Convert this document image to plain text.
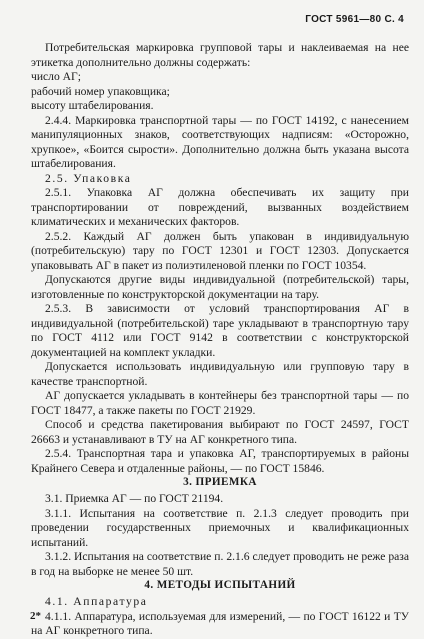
ГОСТ 5961—80 С. 4

Потребительская маркировка групповой тары и наклеиваемая на нее этикетка дополнительно должны содержать:

число АГ;

рабочий номер упаковщика;

высоту штабелирования.

2.4.4. Маркировка транспортной тары — по ГОСТ 14192, с нанесением манипуляционных знаков, соответствующих надписям: «Осторожно, хрупкое», «Боится сырости». Дополнительно должна быть указана высота штабелирования.

2.5. Упаковка

2.5.1. Упаковка АГ должна обеспечивать их защиту при транспортировании от повреждений, вызванных воздействием климатических и механических факторов.

2.5.2. Каждый АГ должен быть упакован в индивидуальную (потребительскую) тару по ГОСТ 12301 и ГОСТ 12303. Допускается упаковывать АГ в пакет из полиэтиленовой пленки по ГОСТ 10354.

Допускаются другие виды индивидуальной (потребительской) тары, изготовленные по конструкторской документации на тару.

2.5.3. В зависимости от условий транспортирования АГ в индивидуальной (потребительской) таре укладывают в транспортную тару по ГОСТ 4112 или ГОСТ 9142 в соответствии с конструкторской документацией на комплект укладки.

Допускается использовать индивидуальную или групповую тару в качестве транспортной.

АГ допускается укладывать в контейнеры без транспортной тары — по ГОСТ 18477, а также пакеты по ГОСТ 21929.

Способ и средства пакетирования выбирают по ГОСТ 24597, ГОСТ 26663 и устанавливают в ТУ на АГ конкретного типа.

2.5.4. Транспортная тара и упаковка АГ, транспортируемых в районы Крайнего Севера и отдаленные районы, — по ГОСТ 15846.

3. ПРИЕМКА

3.1. Приемка АГ — по ГОСТ 21194.

3.1.1. Испытания на соответствие п. 2.1.3 следует проводить при проведении государственных приемочных и квалификационных испытаний.

3.1.2. Испытания на соответствие п. 2.1.6 следует проводить не реже раза в год на выборке не менее 50 шт.

4. МЕТОДЫ ИСПЫТАНИЙ

4.1. Аппаратура

4.1.1. Аппаратура, используемая для измерений, — по ГОСТ 16122 и ТУ на АГ конкретного типа.

2*
